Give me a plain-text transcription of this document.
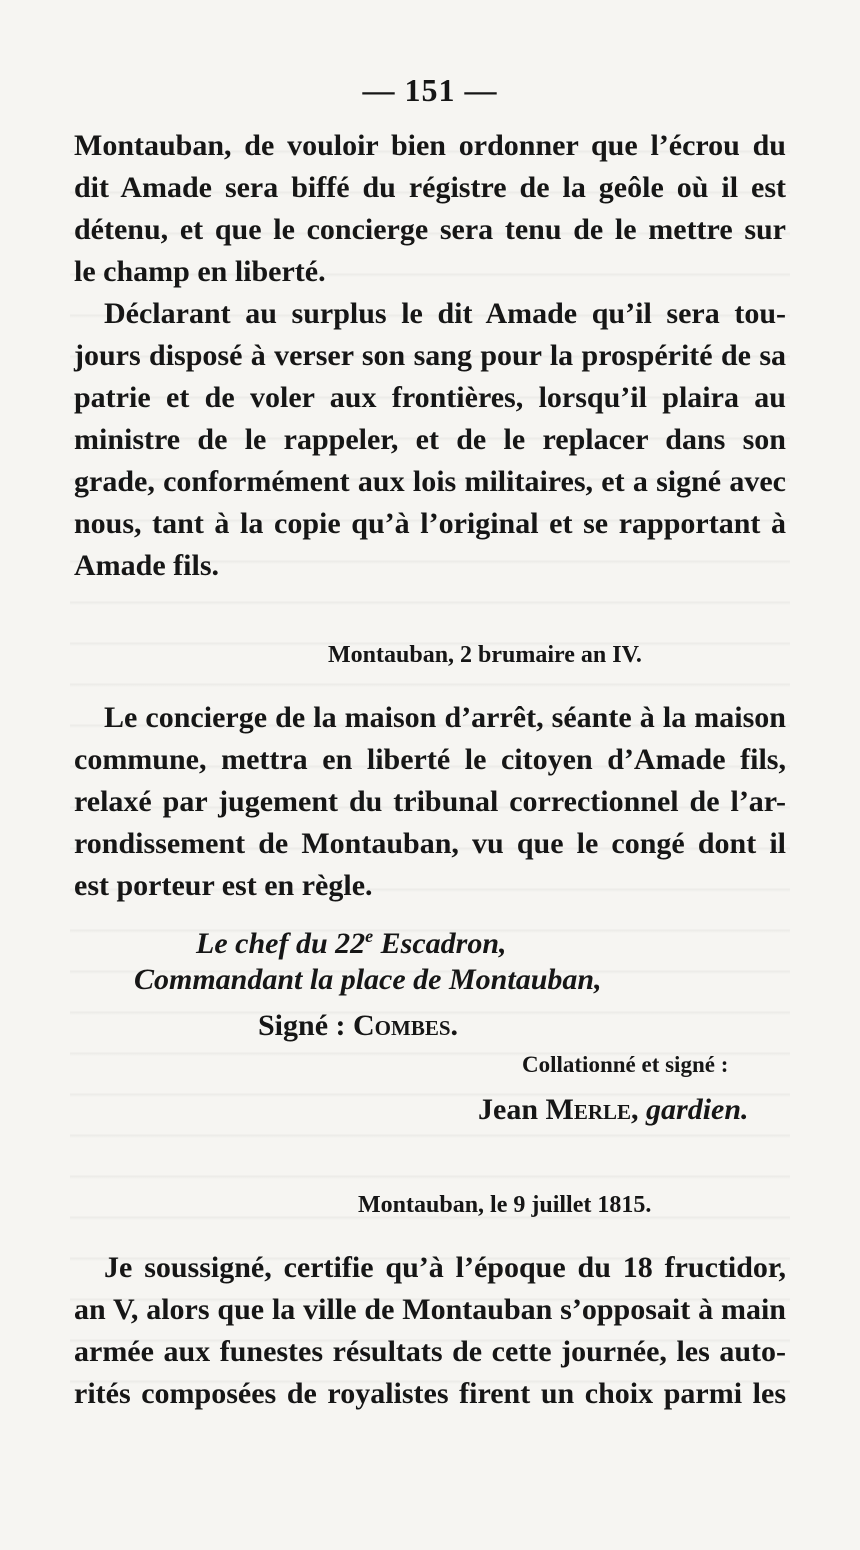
— 151 —
Montauban, de vouloir bien ordonner que l’écrou du
dit Amade sera biffé du régistre de la geôle où il est
détenu, et que le concierge sera tenu de le mettre sur
le champ en liberté.
Déclarant au surplus le dit Amade qu’il sera tou-
jours disposé à verser son sang pour la prospérité de sa
patrie et de voler aux frontières, lorsqu’il plaira au
ministre de le rappeler, et de le replacer dans son
grade, conformément aux lois militaires, et a signé avec
nous, tant à la copie qu’à l’original et se rapportant à
Amade fils.
Montauban, 2 brumaire an IV.
Le concierge de la maison d’arrêt, séante à la maison
commune, mettra en liberté le citoyen d’Amade fils,
relaxé par jugement du tribunal correctionnel de l’ar-
rondissement de Montauban, vu que le congé dont il
est porteur est en règle.
Le chef du 22e Escadron,
Commandant la place de Montauban,
Signé : Combes.
Collationné et signé :
Jean Merle, gardien.
Montauban, le 9 juillet 1815.
Je soussigné, certifie qu’à l’époque du 18 fructidor,
an V, alors que la ville de Montauban s’opposait à main
armée aux funestes résultats de cette journée, les auto-
rités composées de royalistes firent un choix parmi les
